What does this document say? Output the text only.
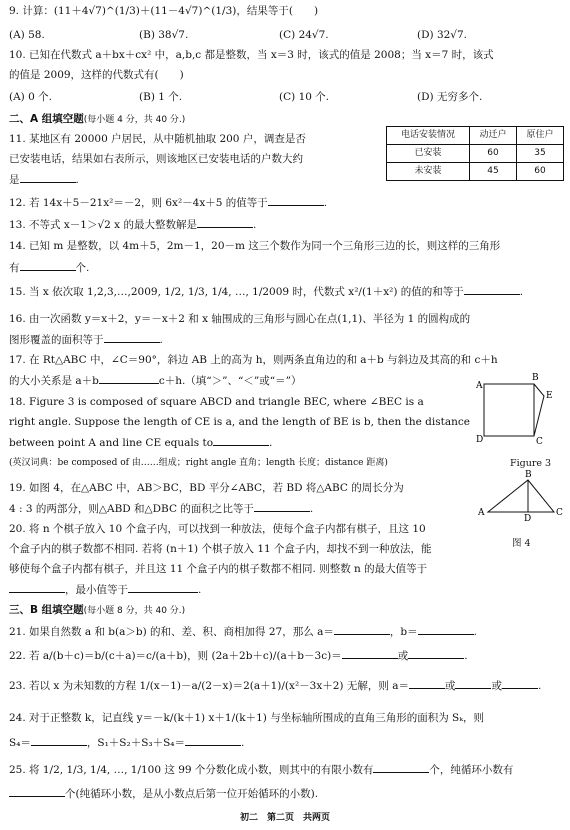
9. 计算：(11＋4√7)^(1/3)＋(11－4√7)^(1/3)，结果等于(　　)
(A) 58.	(B) 38√7.	(C) 24√7.	(D) 32√7.
10. 已知在代数式 a＋bx＋cx² 中，a,b,c 都是整数，当 x＝3 时，该式的值是 2008；当 x＝7 时，该式
的值是 2009，这样的代数式有(　　)
(A) 0 个.	(B) 1 个.	(C) 10 个.	(D) 无穷多个.
二、A 组填空题(每小题 4 分，共 40 分.)
11. 某地区有 20000 户居民，从中随机抽取 200 户，调查是否
已安装电话，结果如右表所示，则该地区已安装电话的户数大约
是	.
电话安装情况	动迁户	原住户
已安装	60	35
未安装	45	60
12. 若 14x＋5－21x²＝－2，则 6x²－4x＋5 的值等于	.
13. 不等式 x－1＞√2 x 的最大整数解是	.
14. 已知 m 是整数，以 4m＋5，2m－1，20－m 这三个数作为同一个三角形三边的长，则这样的三角形
有	个.
15. 当 x 依次取 1,2,3,…,2009, 1/2, 1/3, 1/4, …, 1/2009 时，代数式 x²/(1＋x²) 的值的和等于	.
16. 由一次函数 y＝x＋2，y＝－x＋2 和 x 轴围成的三角形与圆心在点(1,1)、半径为 1 的圆构成的
图形覆盖的面积等于	.
17. 在 Rt△ABC 中，∠C＝90°，斜边 AB 上的高为 h，则两条直角边的和 a＋b 与斜边及其高的和 c＋h
的大小关系是 a＋b	c＋h.（填“＞”、“＜”或“＝”）
18. Figure 3 is composed of square ABCD and triangle BEC, where ∠BEC is a
right angle. Suppose the length of CE is a, and the length of BE is b, then the distance
between point A and line CE equals to	.
(英汉词典：be composed of 由……组成；right angle 直角；length 长度；distance 距离)
A
B
E
D	C
Figure 3
19. 如图 4，在△ABC 中，AB＞BC，BD 平分∠ABC，若 BD 将△ABC 的周长分为
4 : 3 的两部分，则△ABD 和△DBC 的面积之比等于	.
B
A
D
C
图 4
20. 将 n 个棋子放入 10 个盒子内，可以找到一种放法，使每个盒子内都有棋子，且这 10
个盒子内的棋子数都不相同. 若将 (n＋1) 个棋子放入 11 个盒子内，却找不到一种放法，能
够使每个盒子内都有棋子，并且这 11 个盒子内的棋子数都不相同. 则整数 n 的最大值等于
，最小值等于	.
三、B 组填空题(每小题 8 分，共 40 分.)
21. 如果自然数 a 和 b(a＞b) 的和、差、积、商相加得 27，那么 a＝	，b＝	.
22. 若 a/(b＋c)＝b/(c＋a)＝c/(a＋b)，则 (2a＋2b＋c)/(a＋b－3c)＝	或	.
23. 若以 x 为未知数的方程 1/(x－1)－a/(2－x)＝2(a＋1)/(x²－3x＋2) 无解，则 a＝	或	或	.
24. 对于正整数 k，记直线 y＝－k/(k＋1) x＋1/(k＋1) 与坐标轴所围成的直角三角形的面积为 Sₖ，则
S₄＝	，S₁＋S₂＋S₃＋S₄＝	.
25. 将 1/2, 1/3, 1/4, …, 1/100 这 99 个分数化成小数，则其中的有限小数有	个，纯循环小数有
个(纯循环小数，是从小数点后第一位开始循环的小数).
初二　第二页　共两页
